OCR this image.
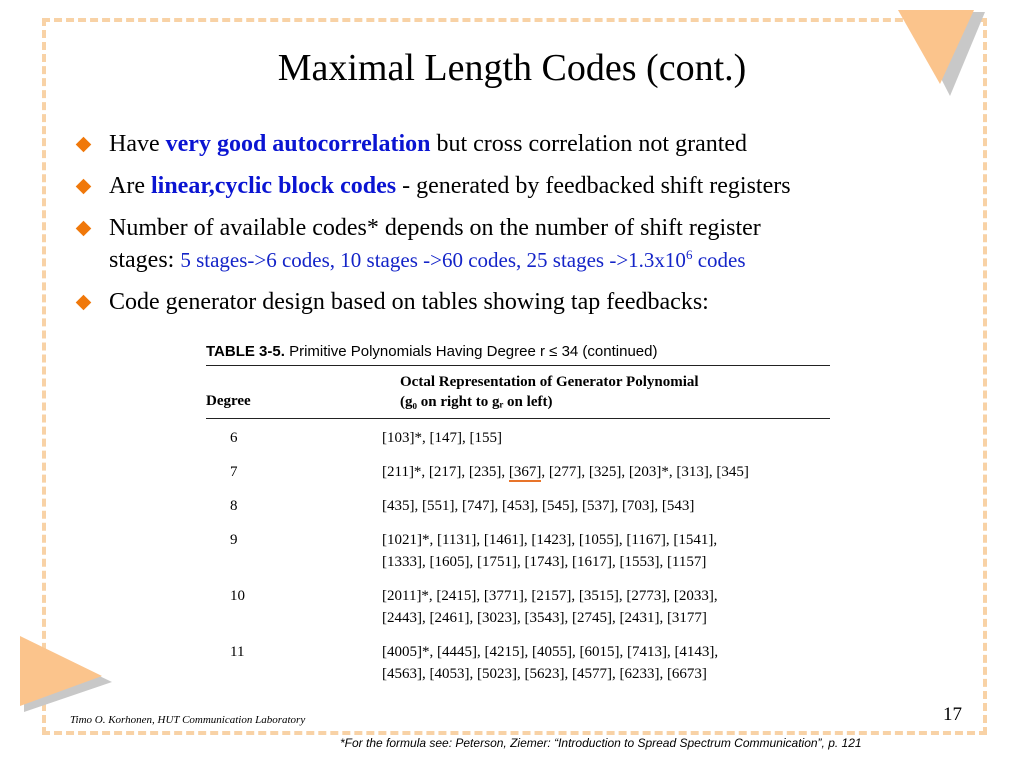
Maximal Length Codes (cont.)
Have very good autocorrelation but cross correlation not granted
Are linear,cyclic block codes - generated by feedbacked shift registers
Number of available codes* depends on the number of shift register
stages: 5 stages->6 codes, 10 stages ->60 codes, 25 stages $->1.3x10^6$ codes
Code generator design based on tables showing tap feedbacks:
TABLE 3-5. Primitive Polynomials Having Degree r ≤ 34 (continued)
Degree
Octal Representation of Generator Polynomial
(g₀ on right to gᵣ on left)
6	[103]*, [147], [155]
7	[211]*, [217], [235], [367], [277], [325], [203]*, [313], [345]
8	[435], [551], [747], [453], [545], [537], [703], [543]
9	[1021]*, [1131], [1461], [1423], [1055], [1167], [1541],
[1333], [1605], [1751], [1743], [1617], [1553], [1157]
10	[2011]*, [2415], [3771], [2157], [3515], [2773], [2033],
[2443], [2461], [3023], [3543], [2745], [2431], [3177]
11	[4005]*, [4445], [4215], [4055], [6015], [7413], [4143],
[4563], [4053], [5023], [5623], [4577], [6233], [6673]
Timo O. Korhonen, HUT Communication Laboratory	17
*For the formula see: Peterson, Ziemer: “Introduction to Spread Spectrum Communication”, p. 121
